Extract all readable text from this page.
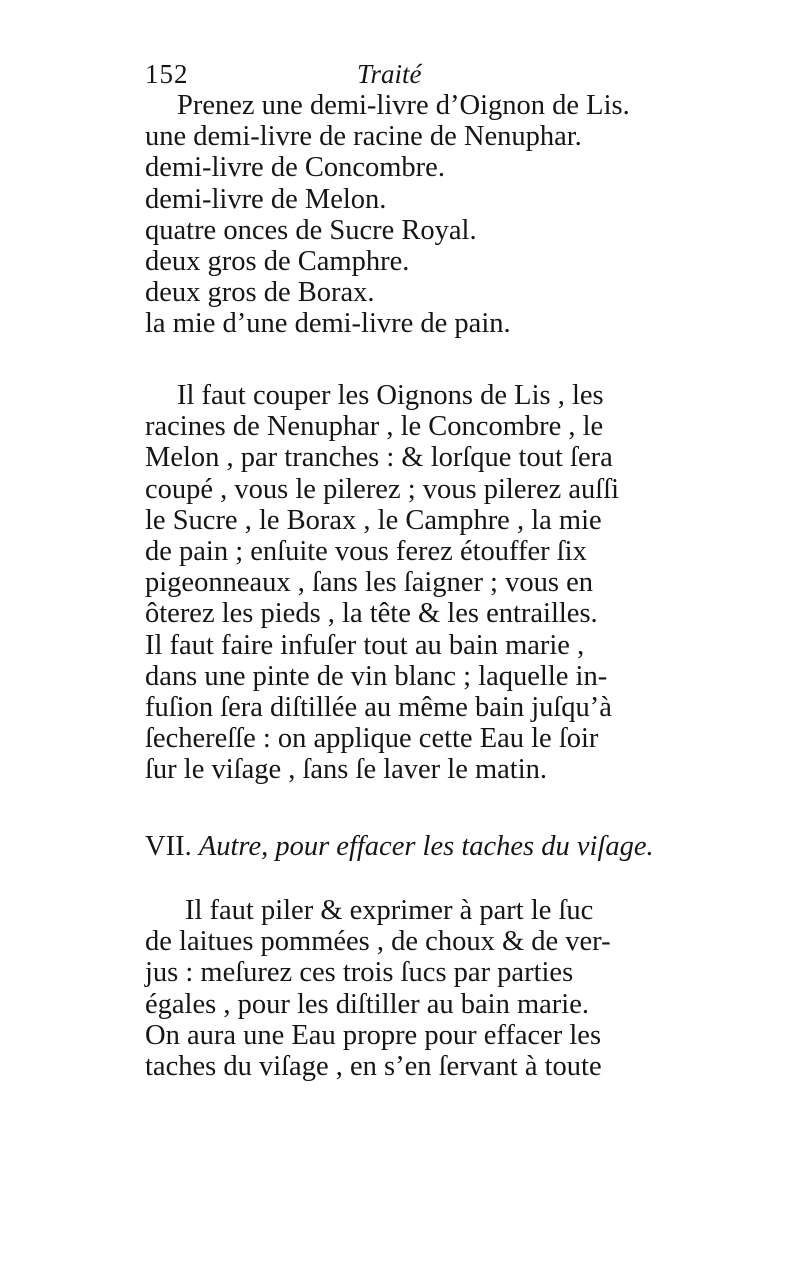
152	Traité

Prenez une demi-livre d’Oignon de Lis.
une demi-livre de racine de Nenuphar.
demi-livre de Concombre.
demi-livre de Melon.
quatre onces de Sucre Royal.
deux gros de Camphre.
deux gros de Borax.
la mie d’une demi-livre de pain.

Il faut couper les Oignons de Lis , les
racines de Nenuphar , le Concombre , le
Melon , par tranches : & lorſque tout ſera
coupé , vous le pilerez ; vous pilerez auſſi
le Sucre , le Borax , le Camphre , la mie
de pain ; enſuite vous ferez étouffer ſix
pigeonneaux , ſans les ſaigner ; vous en
ôterez les pieds , la tête & les entrailles.
Il faut faire infuſer tout au bain marie ,
dans une pinte de vin blanc ; laquelle in-
fuſion ſera diſtillée au même bain juſqu’à
ſechereſſe : on applique cette Eau le ſoir
ſur le viſage , ſans ſe laver le matin.

VII. Autre, pour effacer les taches du viſage.

Il faut piler & exprimer à part le ſuc
de laitues pommées , de choux & de ver-
jus : meſurez ces trois ſucs par parties
égales , pour les diſtiller au bain marie.
On aura une Eau propre pour effacer les
taches du viſage , en s’en ſervant à toute
